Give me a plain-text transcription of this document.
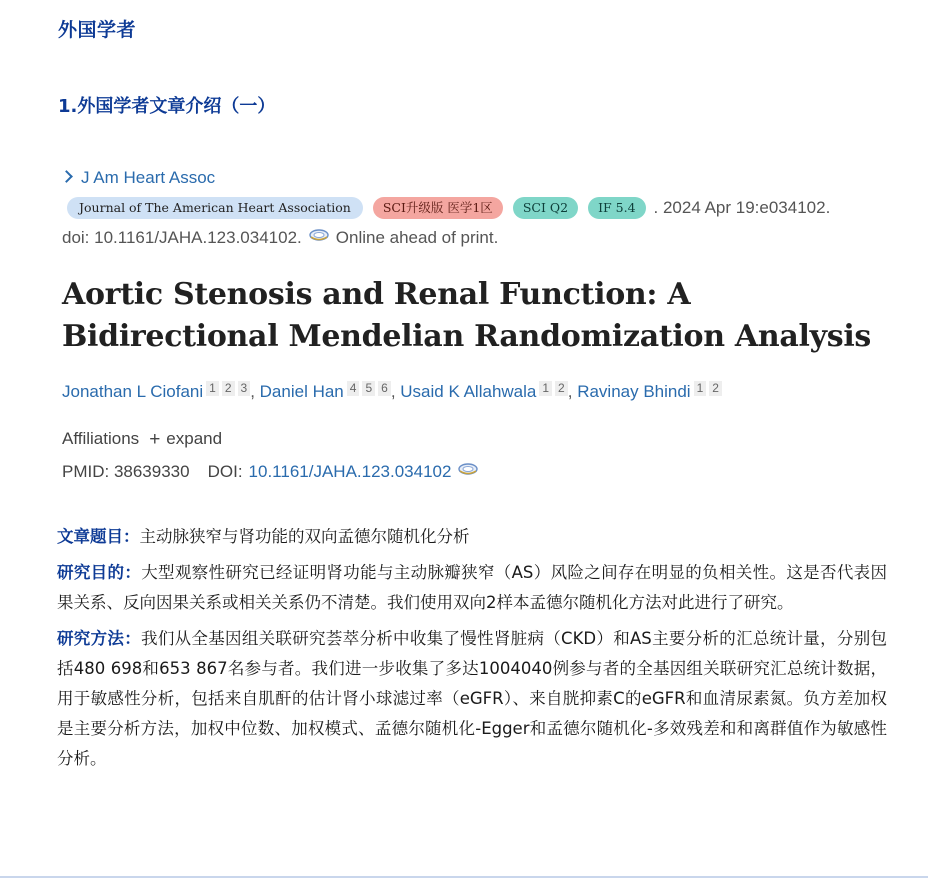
外国学者
1.外国学者文章介绍（一）
J Am Heart Assoc
Journal of The American Heart Association	SCI升级版 医学1区	SCI Q2	IF 5.4	. 2024 Apr 19:e034102.
doi: 10.1161/JAHA.123.034102. Online ahead of print.
Aortic Stenosis and Renal Function: A Bidirectional Mendelian Randomization Analysis
Jonathan L Ciofani 1 2 3 , Daniel Han 4 5 6 , Usaid K Allahwala 1 2 , Ravinay Bhindi 1 2
Affiliations + expand
PMID: 38639330 DOI: 10.1161/JAHA.123.034102

文章题目：主动脉狭窄与肾功能的双向孟德尔随机化分析

研究目的：大型观察性研究已经证明肾功能与主动脉瓣狭窄（AS）风险之间存在明显的负相关性。这是否代表因果关系、反向因果关系或相关关系仍不清楚。我们使用双向2样本孟德尔随机化方法对此进行了研究。

研究方法：我们从全基因组关联研究荟萃分析中收集了慢性肾脏病（CKD）和AS主要分析的汇总统计量，分别包括480 698和653 867名参与者。我们进一步收集了多达1004040例参与者的全基因组关联研究汇总统计数据，用于敏感性分析，包括来自肌酐的估计肾小球滤过率（eGFR）、来自胱抑素C的eGFR和血清尿素氮。负方差加权是主要分析方法，加权中位数、加权模式、孟德尔随机化-Egger和孟德尔随机化-多效残差和和离群值作为敏感性分析。
